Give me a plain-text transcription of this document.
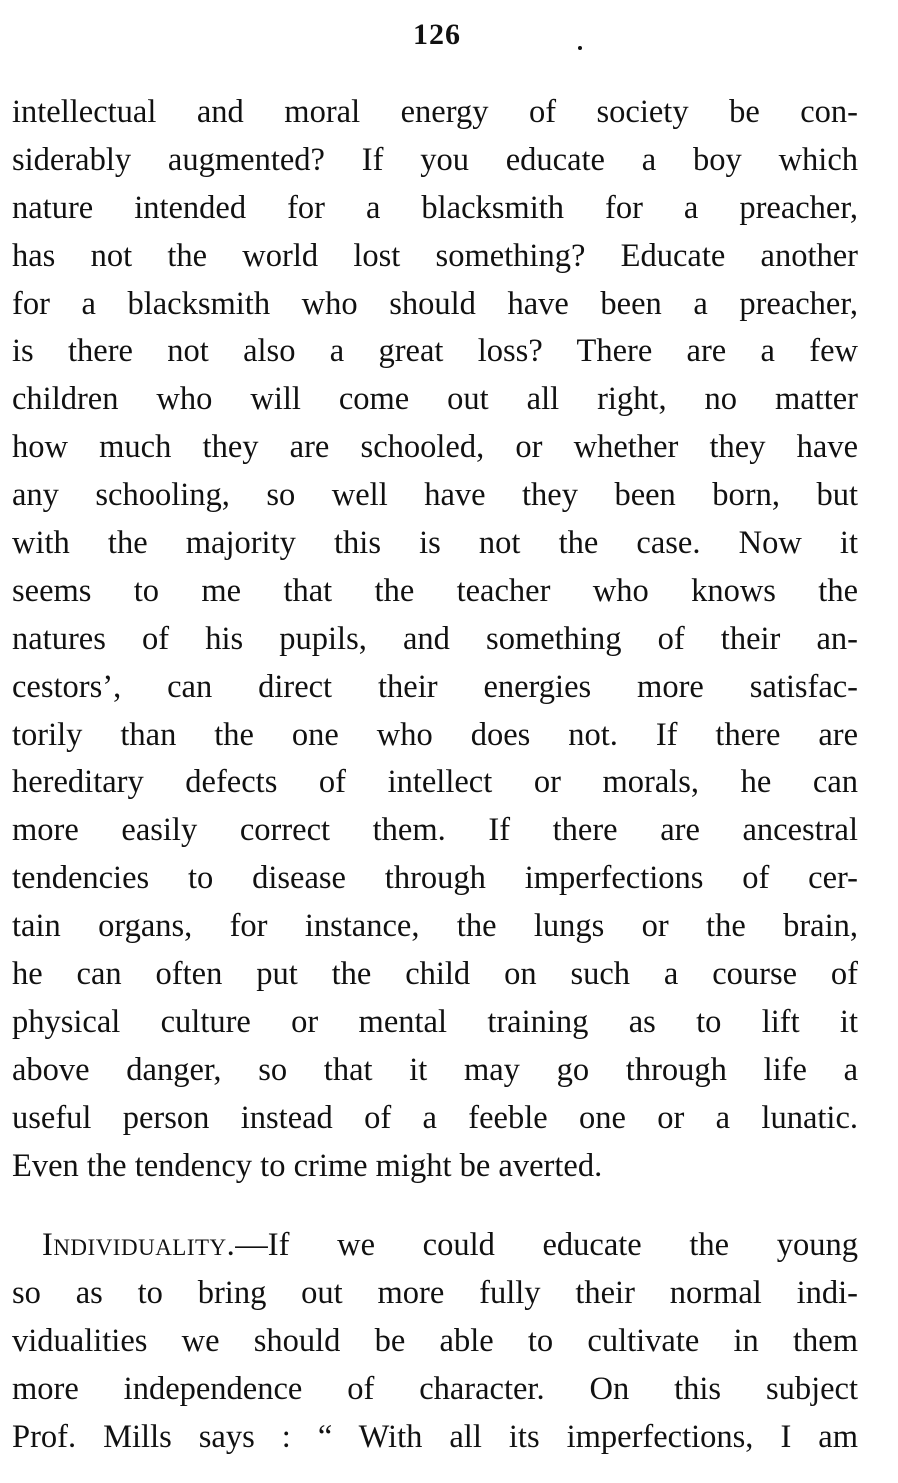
126
intellectual and moral energy of society be con-
siderably augmented? If you educate a boy which
nature intended for a blacksmith for a preacher,
has not the world lost something? Educate another
for a blacksmith who should have been a preacher,
is there not also a great loss? There are a few
children who will come out all right, no matter
how much they are schooled, or whether they have
any schooling, so well have they been born, but
with the majority this is not the case. Now it
seems to me that the teacher who knows the
natures of his pupils, and something of their an-
cestors’, can direct their energies more satisfac-
torily than the one who does not. If there are
hereditary defects of intellect or morals, he can
more easily correct them. If there are ancestral
tendencies to disease through imperfections of cer-
tain organs, for instance, the lungs or the brain,
he can often put the child on such a course of
physical culture or mental training as to lift it
above danger, so that it may go through life a
useful person instead of a feeble one or a lunatic.
Even the tendency to crime might be averted.
Individuality.—If we could educate the young
so as to bring out more fully their normal indi-
vidualities we should be able to cultivate in them
more independence of character. On this subject
Prof. Mills says : “ With all its imperfections, I am
